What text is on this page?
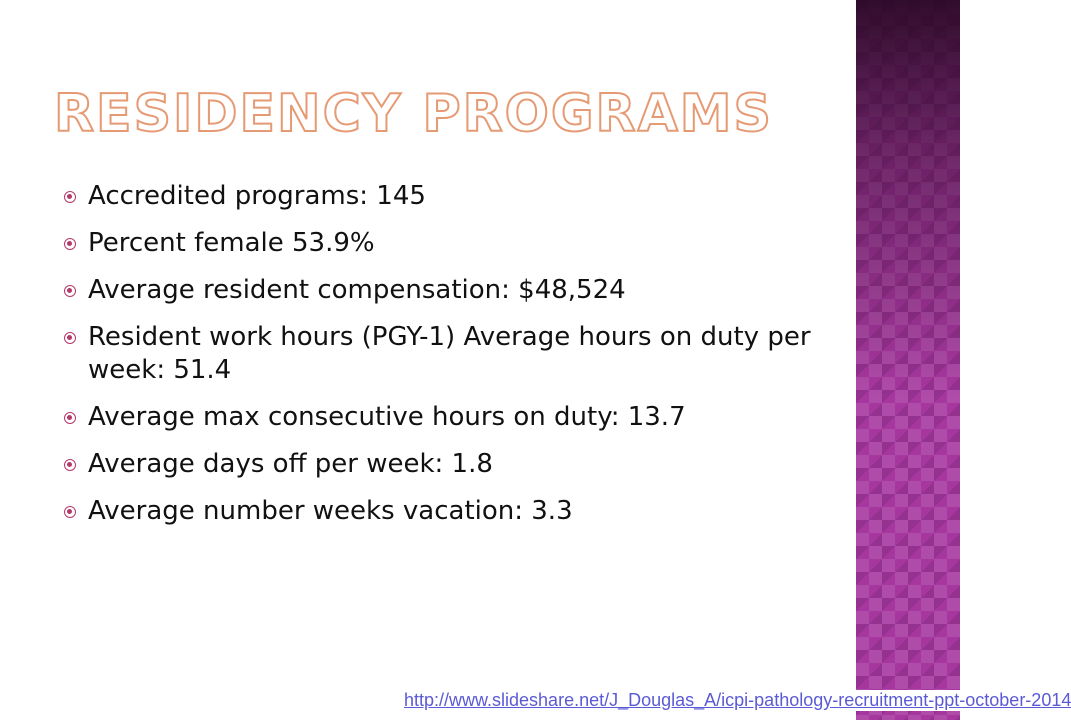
RESIDENCY PROGRAMS
Accredited programs: 145
Percent female 53.9%
Average resident compensation: $48,524
Resident work hours (PGY-1) Average hours on duty per week: 51.4
Average max consecutive hours on duty: 13.7
Average days off per week: 1.8
Average number weeks vacation: 3.3
http://www.slideshare.net/J_Douglas_A/icpi-pathology-recruitment-ppt-october-2014
